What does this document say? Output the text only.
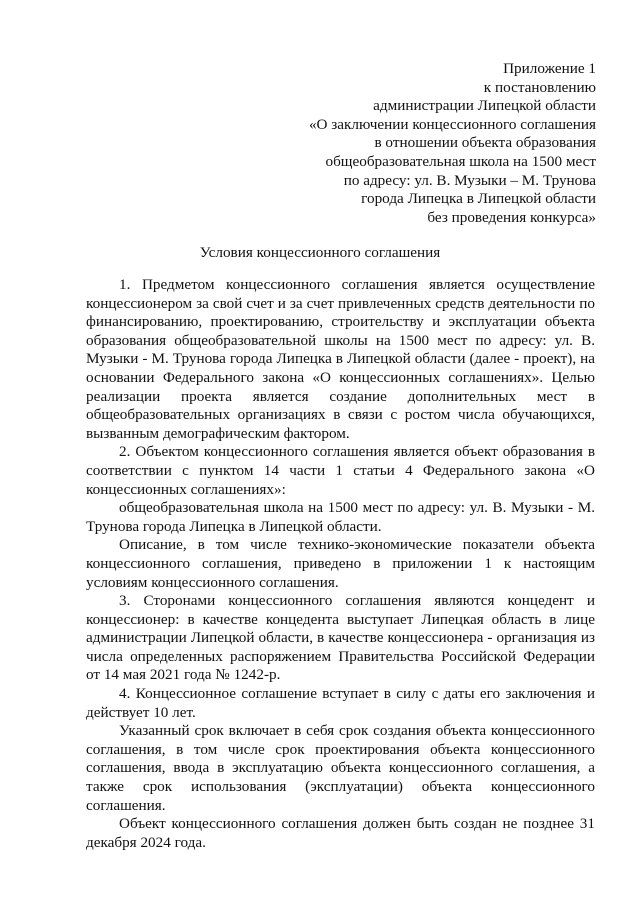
Приложение 1
к постановлению
администрации Липецкой области
«О заключении концессионного соглашения
в отношении объекта образования
общеобразовательная школа на 1500 мест
по адресу: ул. В. Музыки – М. Трунова
города Липецка в Липецкой области
без проведения конкурса»
Условия концессионного соглашения

1. Предметом концессионного соглашения является осуществление концессионером за свой счет и за счет привлеченных средств деятельности по финансированию, проектированию, строительству и эксплуатации объекта образования общеобразовательной школы на 1500 мест по адресу: ул. В. Музыки - М. Трунова города Липецка в Липецкой области (далее - проект), на основании Федерального закона «О концессионных соглашениях». Целью реализации проекта является создание дополнительных мест в общеобразовательных организациях в связи с ростом числа обучающихся, вызванным демографическим фактором.

2. Объектом концессионного соглашения является объект образования в соответствии с пунктом 14 части 1 статьи 4 Федерального закона «О концессионных соглашениях»:

общеобразовательная школа на 1500 мест по адресу: ул. В. Музыки - М. Трунова города Липецка в Липецкой области.

Описание, в том числе технико-экономические показатели объекта концессионного соглашения, приведено в приложении 1 к настоящим условиям концессионного соглашения.

3. Сторонами концессионного соглашения являются концедент и концессионер: в качестве концедента выступает Липецкая область в лице администрации Липецкой области, в качестве концессионера - организация из числа определенных распоряжением Правительства Российской Федерации от 14 мая 2021 года № 1242-р.

4. Концессионное соглашение вступает в силу с даты его заключения и действует 10 лет.

Указанный срок включает в себя срок создания объекта концессионного соглашения, в том числе срок проектирования объекта концессионного соглашения, ввода в эксплуатацию объекта концессионного соглашения, а также срок использования (эксплуатации) объекта концессионного соглашения.

Объект концессионного соглашения должен быть создан не позднее 31 декабря 2024 года.
